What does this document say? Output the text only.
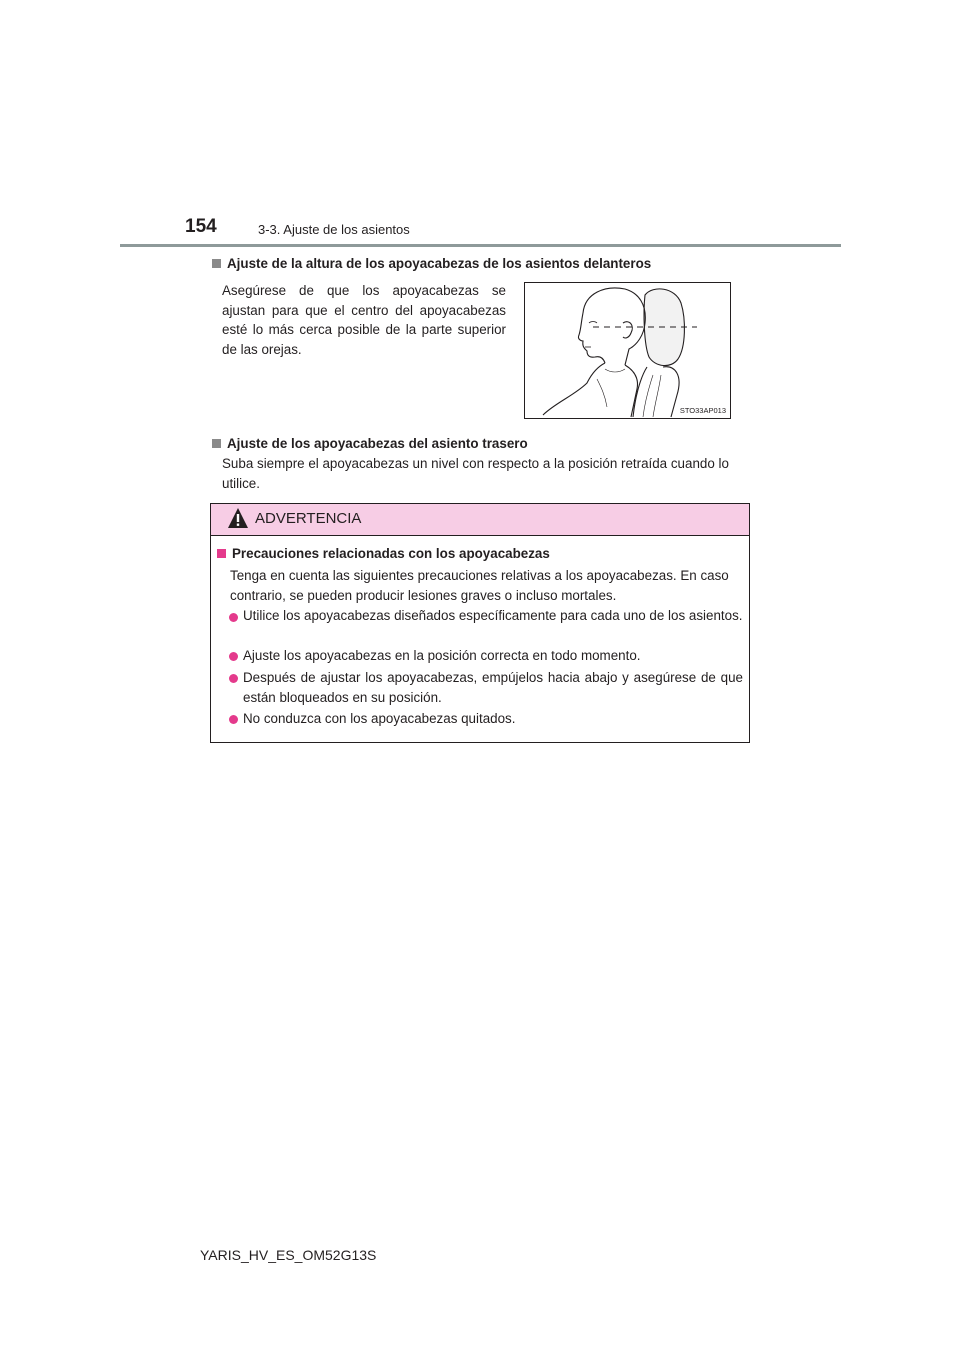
154	3-3. Ajuste de los asientos
Ajuste de la altura de los apoyacabezas de los asientos delanteros
Asegúrese de que los apoyacabezas se ajustan para que el centro del apoyacabezas esté lo más cerca posible de la parte superior de las orejas.
STO33AP013
Ajuste de los apoyacabezas del asiento trasero
Suba siempre el apoyacabezas un nivel con respecto a la posición retraída cuando lo utilice.
ADVERTENCIA
Precauciones relacionadas con los apoyacabezas
Tenga en cuenta las siguientes precauciones relativas a los apoyacabezas. En caso contrario, se pueden producir lesiones graves o incluso mortales.
Utilice los apoyacabezas diseñados específicamente para cada uno de los asientos.
Ajuste los apoyacabezas en la posición correcta en todo momento.
Después de ajustar los apoyacabezas, empújelos hacia abajo y asegúrese de que están bloqueados en su posición.
No conduzca con los apoyacabezas quitados.
YARIS_HV_ES_OM52G13S
